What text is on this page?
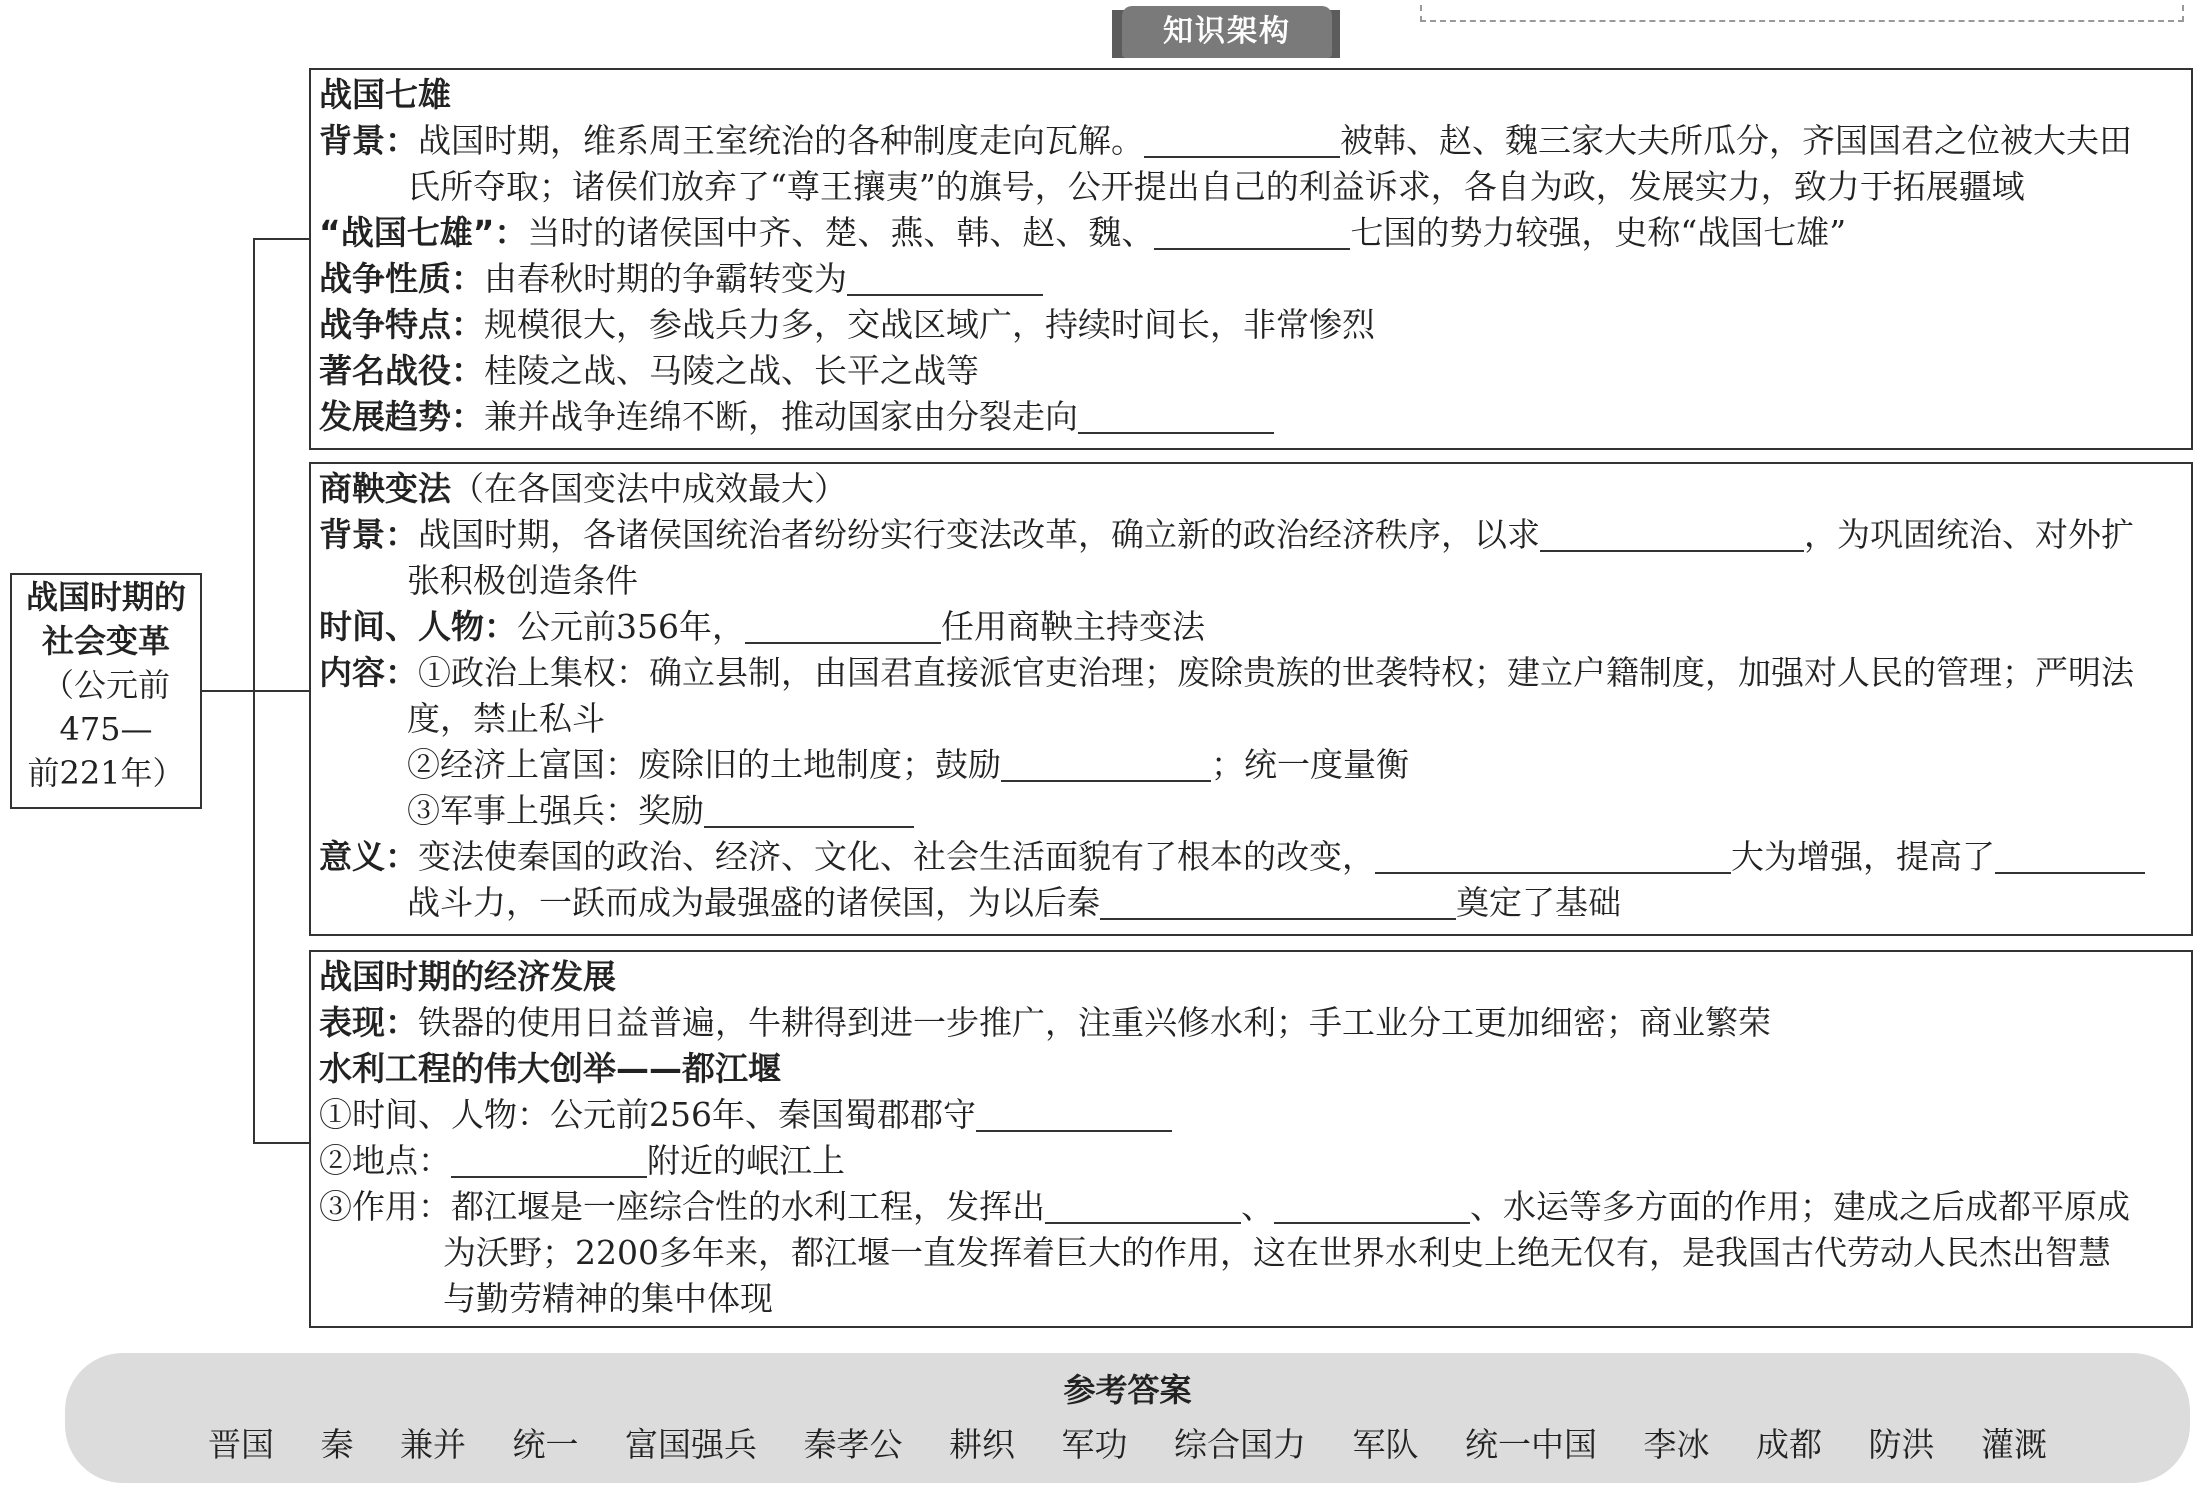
知识架构
战国时期的
社会变革
（公元前
475—
前221年）
战国七雄
背景：战国时期，维系周王室统治的各种制度走向瓦解。	被韩、赵、魏三家大夫所瓜分，齐国国君之位被大夫田
氏所夺取；诸侯们放弃了“尊王攘夷”的旗号，公开提出自己的利益诉求，各自为政，发展实力，致力于拓展疆域
“战国七雄”：当时的诸侯国中齐、楚、燕、韩、赵、魏、	七国的势力较强，史称“战国七雄”
战争性质：由春秋时期的争霸转变为
战争特点：规模很大，参战兵力多，交战区域广，持续时间长，非常惨烈
著名战役：桂陵之战、马陵之战、长平之战等
发展趋势：兼并战争连绵不断，推动国家由分裂走向
商鞅变法（在各国变法中成效最大）
背景：战国时期，各诸侯国统治者纷纷实行变法改革，确立新的政治经济秩序，以求	，为巩固统治、对外扩
张积极创造条件
时间、人物：公元前356年，	任用商鞅主持变法
内容：①政治上集权：确立县制，由国君直接派官吏治理；废除贵族的世袭特权；建立户籍制度，加强对人民的管理；严明法
度，禁止私斗
②经济上富国：废除旧的土地制度；鼓励	；统一度量衡
③军事上强兵：奖励
意义：变法使秦国的政治、经济、文化、社会生活面貌有了根本的改变，	大为增强，提高了
战斗力，一跃而成为最强盛的诸侯国，为以后秦	奠定了基础
战国时期的经济发展
表现：铁器的使用日益普遍，牛耕得到进一步推广，注重兴修水利；手工业分工更加细密；商业繁荣
水利工程的伟大创举——都江堰
①时间、人物：公元前256年、秦国蜀郡郡守
②地点：	附近的岷江上
③作用：都江堰是一座综合性的水利工程，发挥出	、	、水运等多方面的作用；建成之后成都平原成
为沃野；2200多年来，都江堰一直发挥着巨大的作用，这在世界水利史上绝无仅有，是我国古代劳动人民杰出智慧
与勤劳精神的集中体现
参考答案
晋国 秦 兼并 统一 富国强兵 秦孝公 耕织 军功 综合国力 军队 统一中国 李冰 成都 防洪 灌溉
